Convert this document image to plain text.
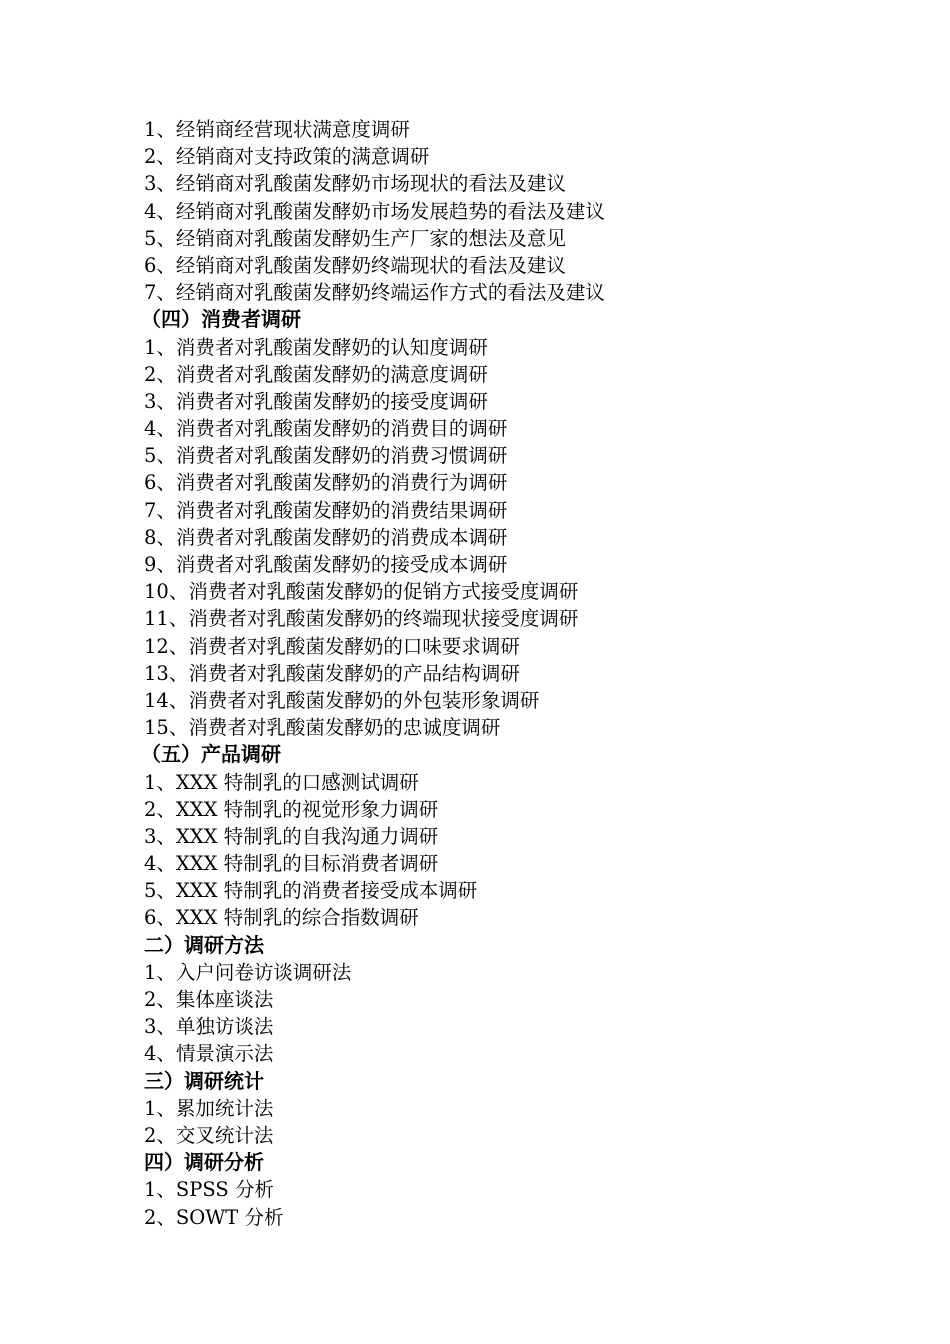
1、经销商经营现状满意度调研
2、经销商对支持政策的满意调研
3、经销商对乳酸菌发酵奶市场现状的看法及建议
4、经销商对乳酸菌发酵奶市场发展趋势的看法及建议
5、经销商对乳酸菌发酵奶生产厂家的想法及意见
6、经销商对乳酸菌发酵奶终端现状的看法及建议
7、经销商对乳酸菌发酵奶终端运作方式的看法及建议
（四）消费者调研
1、消费者对乳酸菌发酵奶的认知度调研
2、消费者对乳酸菌发酵奶的满意度调研
3、消费者对乳酸菌发酵奶的接受度调研
4、消费者对乳酸菌发酵奶的消费目的调研
5、消费者对乳酸菌发酵奶的消费习惯调研
6、消费者对乳酸菌发酵奶的消费行为调研
7、消费者对乳酸菌发酵奶的消费结果调研
8、消费者对乳酸菌发酵奶的消费成本调研
9、消费者对乳酸菌发酵奶的接受成本调研
10、消费者对乳酸菌发酵奶的促销方式接受度调研
11、消费者对乳酸菌发酵奶的终端现状接受度调研
12、消费者对乳酸菌发酵奶的口味要求调研
13、消费者对乳酸菌发酵奶的产品结构调研
14、消费者对乳酸菌发酵奶的外包装形象调研
15、消费者对乳酸菌发酵奶的忠诚度调研
（五）产品调研
1、XXX 特制乳的口感测试调研
2、XXX 特制乳的视觉形象力调研
3、XXX 特制乳的自我沟通力调研
4、XXX 特制乳的目标消费者调研
5、XXX 特制乳的消费者接受成本调研
6、XXX 特制乳的综合指数调研
二）调研方法
1、入户问卷访谈调研法
2、集体座谈法
3、单独访谈法
4、情景演示法
三）调研统计
1、累加统计法
2、交叉统计法
四）调研分析
1、SPSS 分析
2、SOWT 分析
